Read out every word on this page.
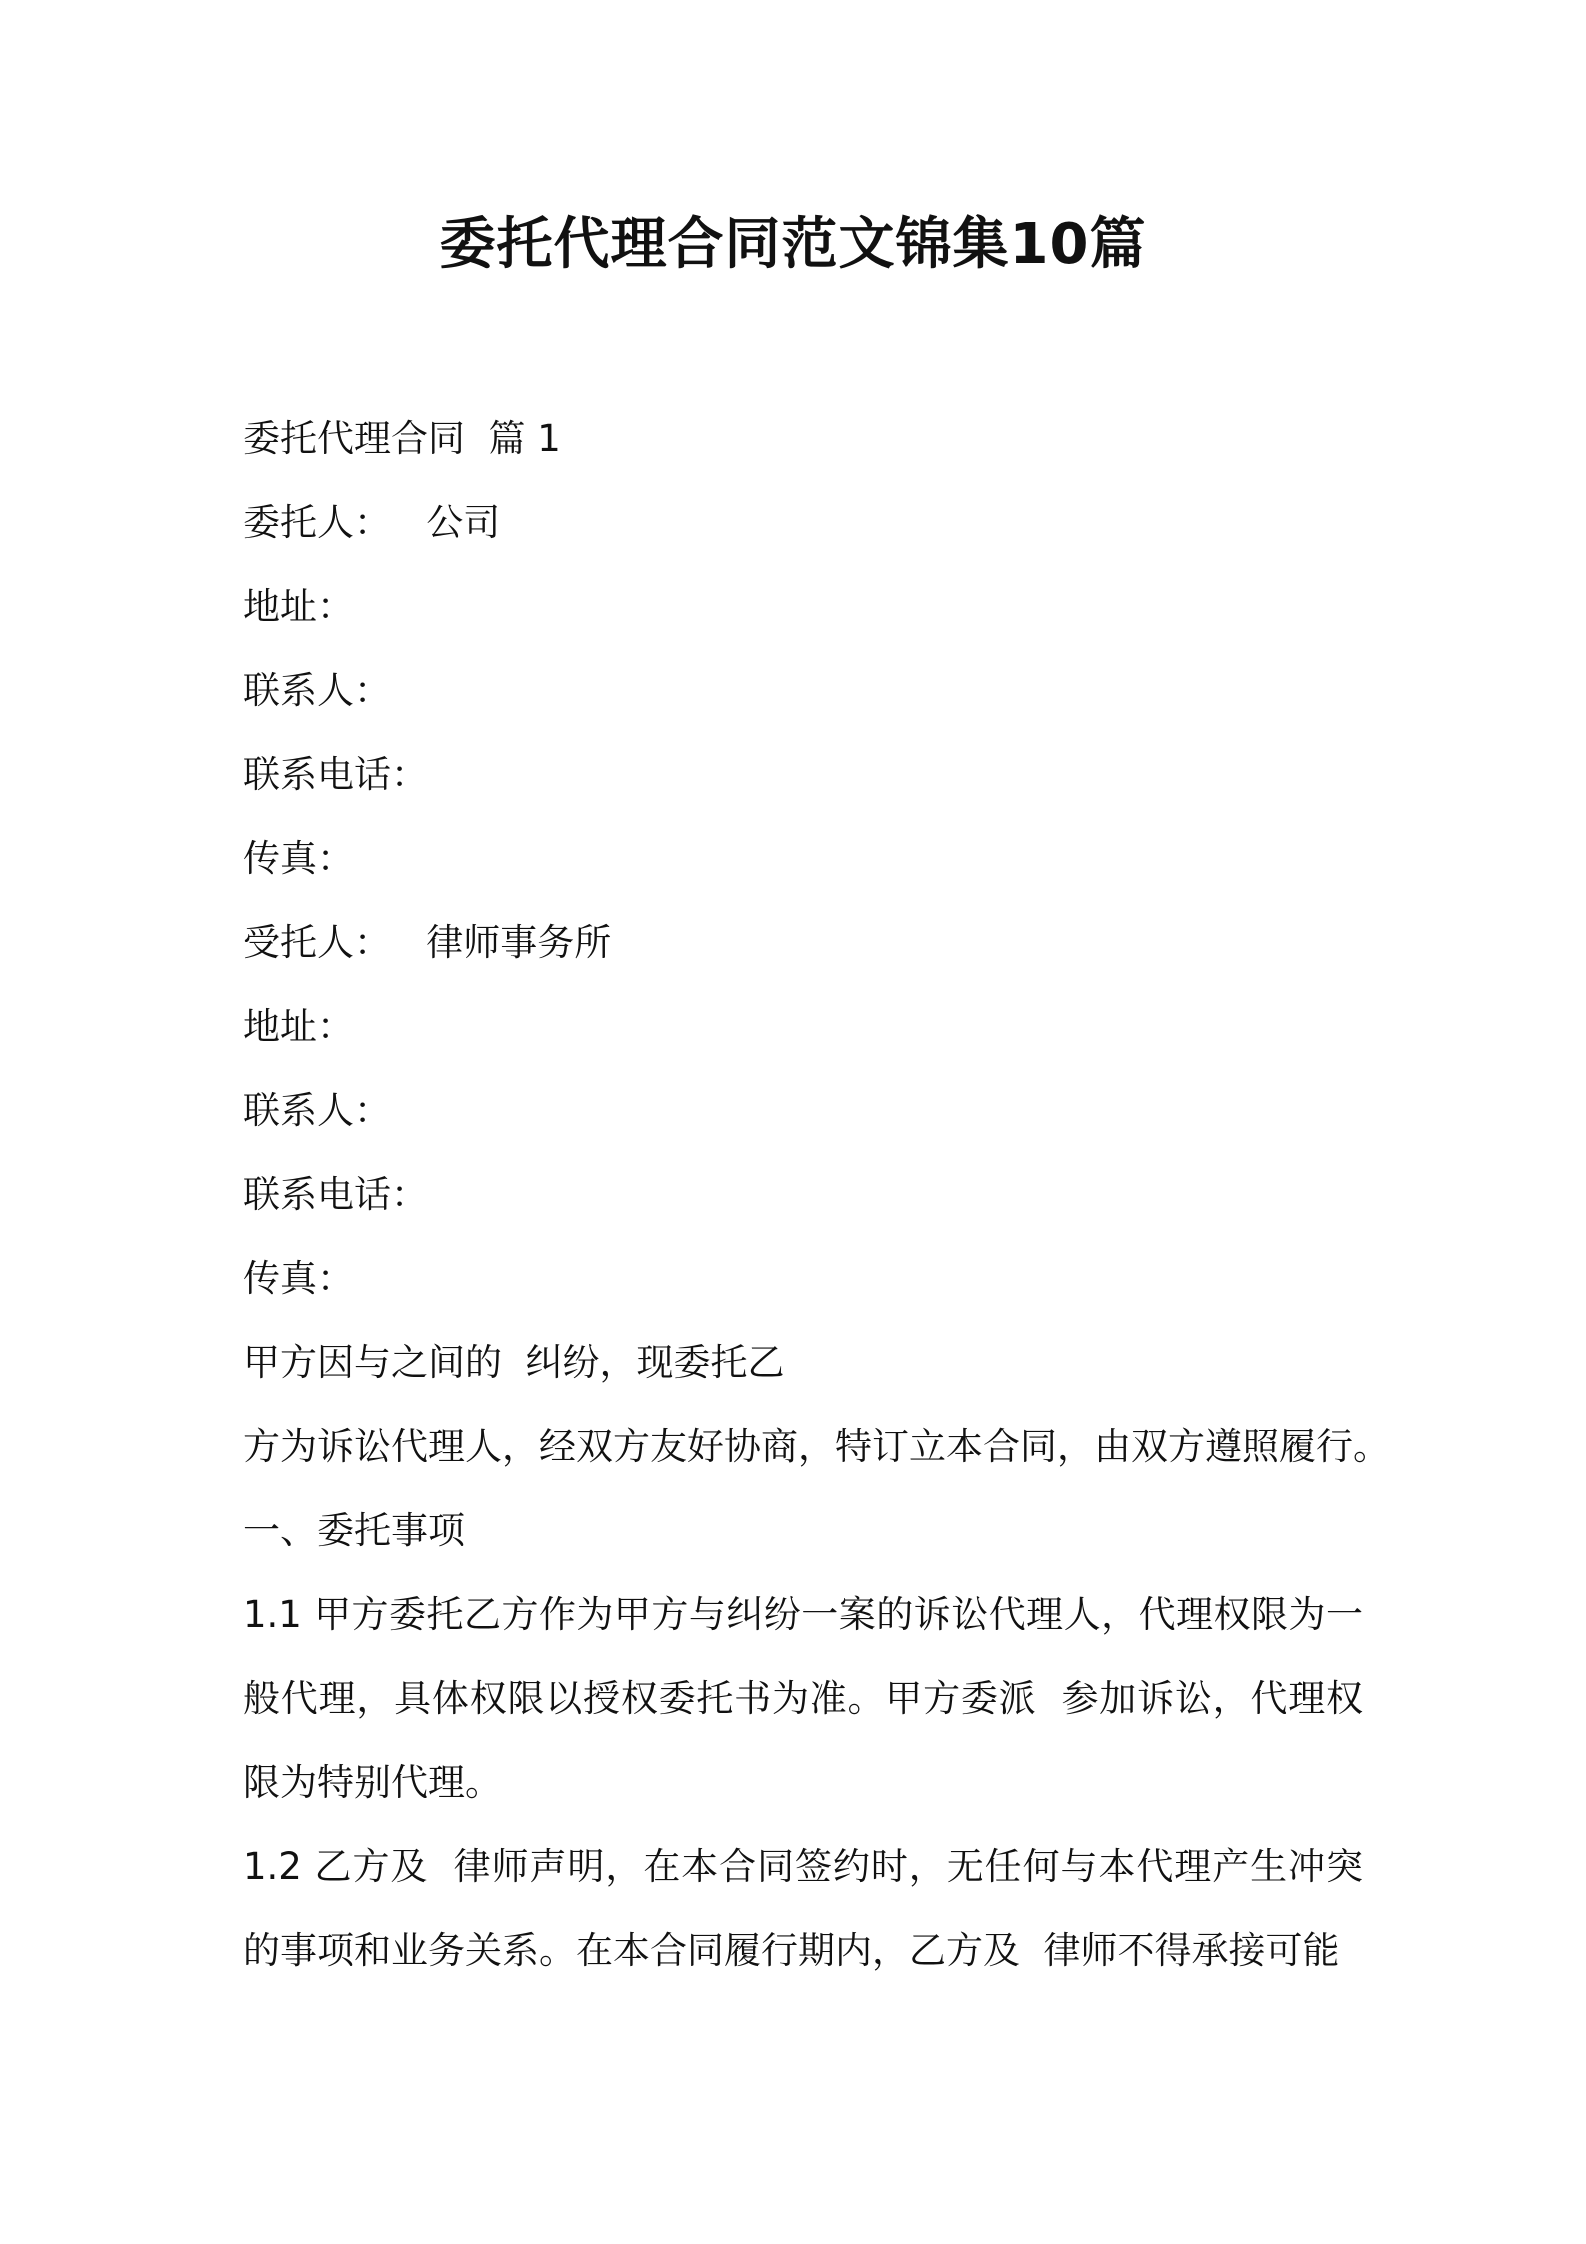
委托代理合同范文锦集10篇

委托代理合同  篇 1

委托人：   公司

地址：

联系人：

联系电话：

传真：

受托人：   律师事务所

地址：

联系人：

联系电话：

传真：

甲方因与之间的  纠纷，现委托乙

方为诉讼代理人，经双方友好协商，特订立本合同，由双方遵照履行。

一、委托事项

1.1 甲方委托乙方作为甲方与纠纷一案的诉讼代理人，代理权限为一般代理，具体权限以授权委托书为准。甲方委派  参加诉讼，代理权限为特别代理。

1.2 乙方及  律师声明，在本合同签约时，无任何与本代理产生冲突的事项和业务关系。在本合同履行期内，乙方及  律师不得承接可能
